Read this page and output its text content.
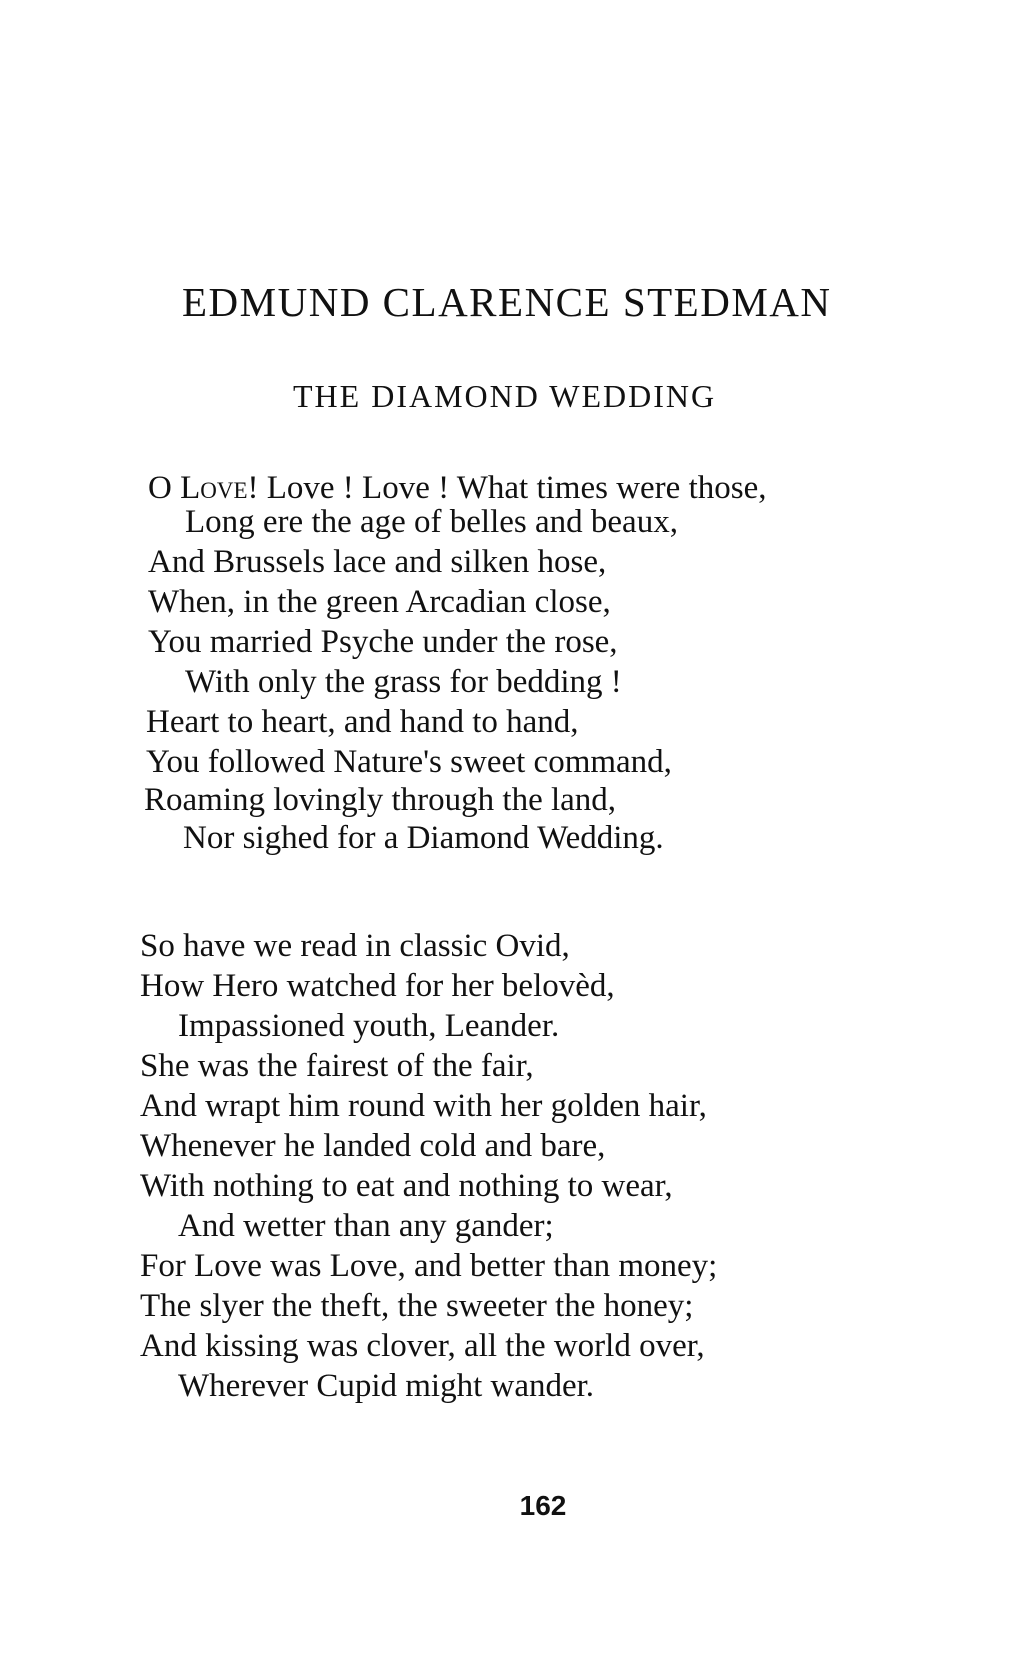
EDMUND CLARENCE STEDMAN
THE DIAMOND WEDDING
O Love! Love ! Love ! What times were those,
Long ere the age of belles and beaux,
And Brussels lace and silken hose,
When, in the green Arcadian close,
You married Psyche under the rose,
With only the grass for bedding !
Heart to heart, and hand to hand,
You followed Nature's sweet command,
Roaming lovingly through the land,
Nor sighed for a Diamond Wedding.
So have we read in classic Ovid,
How Hero watched for her belovèd,
Impassioned youth, Leander.
She was the fairest of the fair,
And wrapt him round with her golden hair,
Whenever he landed cold and bare,
With nothing to eat and nothing to wear,
And wetter than any gander;
For Love was Love, and better than money;
The slyer the theft, the sweeter the honey;
And kissing was clover, all the world over,
Wherever Cupid might wander.
162
